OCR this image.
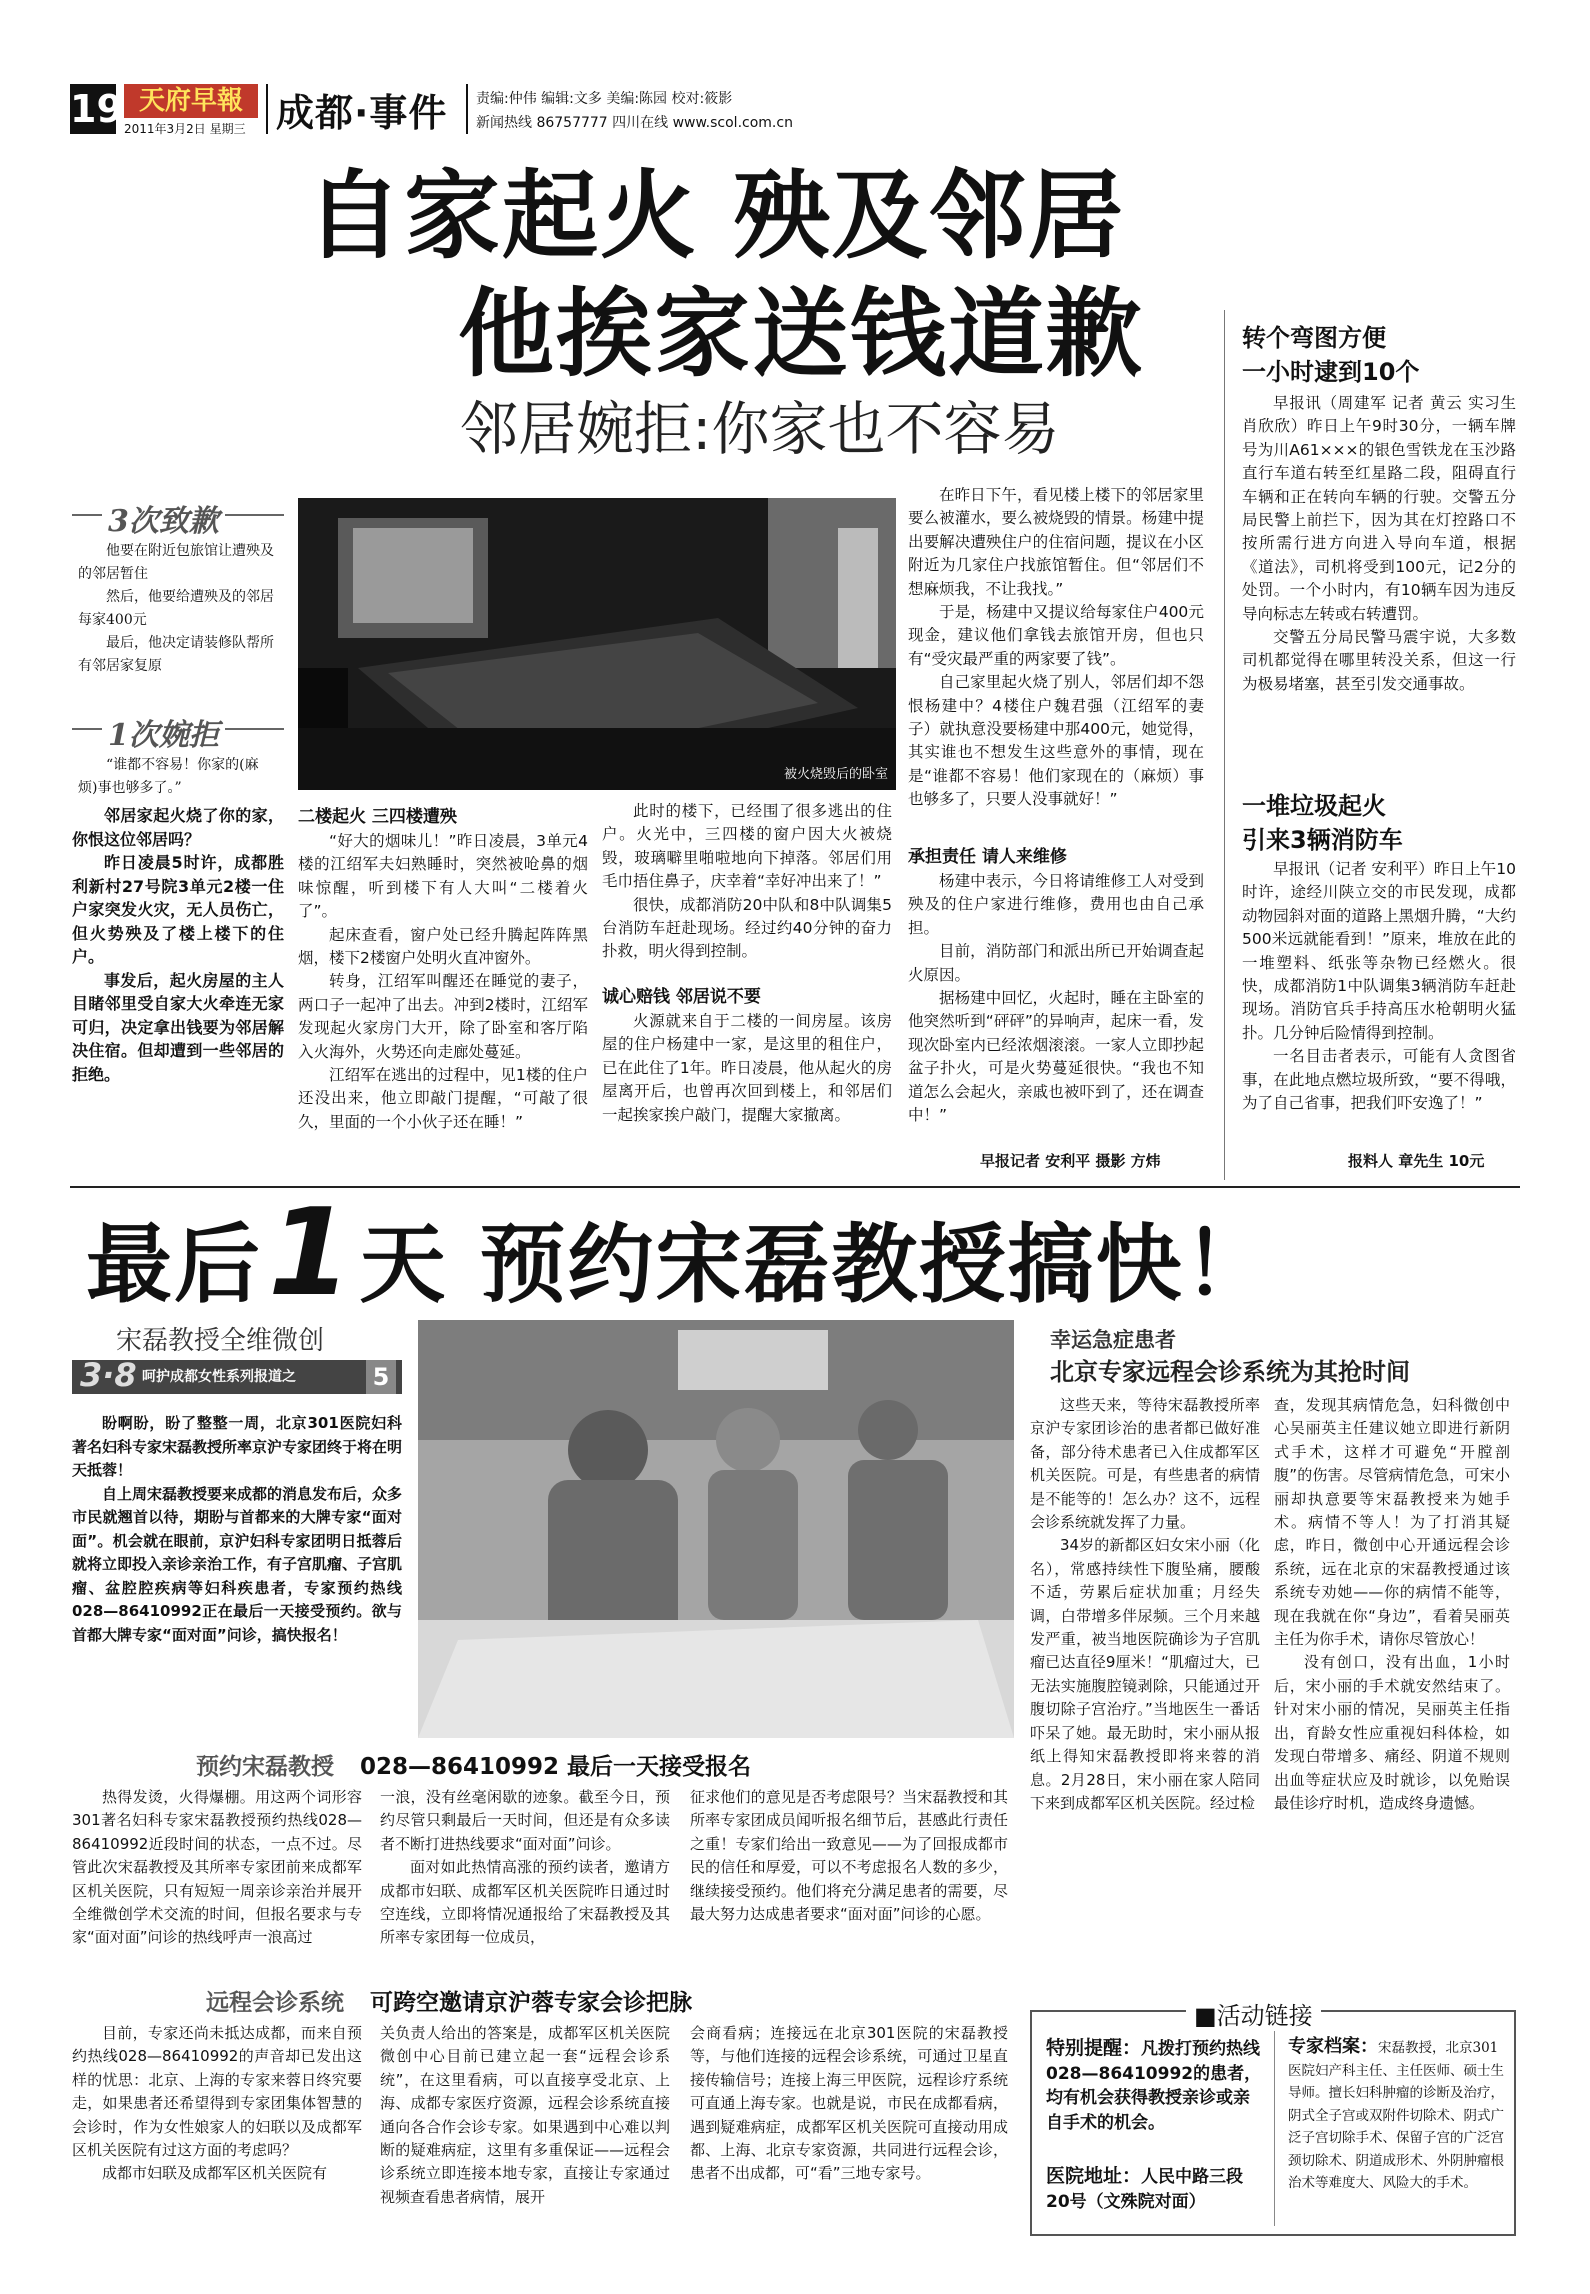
19 天府早報
2011年3月2日 星期三 成都·事件 责编:仲伟 编辑:文多 美编:陈园 校对:筱影
新闻热线 86757777 四川在线 www.scol.com.cn
自家起火 殃及邻居
他挨家送钱道歉
邻居婉拒:你家也不容易
3次致歉
他要在附近包旅馆让遭殃及的邻居暂住
然后，他要给遭殃及的邻居每家400元
最后，他决定请装修队帮所有邻居家复原
1次婉拒
“谁都不容易！你家的(麻烦)事也够多了。”
被火烧毁后的卧室

邻居家起火烧了你的家，你恨这位邻居吗？

昨日凌晨5时许，成都胜利新村27号院3单元2楼一住户家突发火灾，无人员伤亡，但火势殃及了楼上楼下的住户。

事发后，起火房屋的主人目睹邻里受自家大火牵连无家可归，决定拿出钱要为邻居解决住宿。但却遭到一些邻居的拒绝。

二楼起火 三四楼遭殃

“好大的烟味儿！”昨日凌晨，3单元4楼的江绍军夫妇熟睡时，突然被呛鼻的烟味惊醒，听到楼下有人大叫“二楼着火了”。

起床查看，窗户处已经升腾起阵阵黑烟，楼下2楼窗户处明火直冲窗外。

转身，江绍军叫醒还在睡觉的妻子，两口子一起冲了出去。冲到2楼时，江绍军发现起火家房门大开，除了卧室和客厅陷入火海外，火势还向走廊处蔓延。

江绍军在逃出的过程中，见1楼的住户还没出来，他立即敲门提醒，“可敲了很久，里面的一个小伙子还在睡！”

此时的楼下，已经围了很多逃出的住户。火光中，三四楼的窗户因大火被烧毁，玻璃噼里啪啦地向下掉落。邻居们用毛巾捂住鼻子，庆幸着“幸好冲出来了！”

很快，成都消防20中队和8中队调集5台消防车赶赴现场。经过约40分钟的奋力扑救，明火得到控制。

诚心赔钱 邻居说不要

火源就来自于二楼的一间房屋。该房屋的住户杨建中一家，是这里的租住户，已在此住了1年。昨日凌晨，他从起火的房屋离开后，也曾再次回到楼上，和邻居们一起挨家挨户敲门，提醒大家撤离。

在昨日下午，看见楼上楼下的邻居家里要么被灌水，要么被烧毁的情景。杨建中提出要解决遭殃住户的住宿问题，提议在小区附近为几家住户找旅馆暂住。但“邻居们不想麻烦我，不让我找。”

于是，杨建中又提议给每家住户400元现金，建议他们拿钱去旅馆开房，但也只有“受灾最严重的两家要了钱”。

自己家里起火烧了别人，邻居们却不怨恨杨建中？4楼住户魏君强（江绍军的妻子）就执意没要杨建中那400元，她觉得，其实谁也不想发生这些意外的事情，现在是“谁都不容易！他们家现在的（麻烦）事也够多了，只要人没事就好！”

承担责任 请人来维修

杨建中表示，今日将请维修工人对受到殃及的住户家进行维修，费用也由自己承担。

目前，消防部门和派出所已开始调查起火原因。

据杨建中回忆，火起时，睡在主卧室的他突然听到“砰砰”的异响声，起床一看，发现次卧室内已经浓烟滚滚。一家人立即抄起盆子扑火，可是火势蔓延很快。“我也不知道怎么会起火，亲戚也被吓到了，还在调查中！”

早报记者 安利平 摄影 方炜
转个弯图方便
一小时逮到10个

早报讯（周建军 记者 黄云 实习生 肖欣欣）昨日上午9时30分，一辆车牌号为川A61×××的银色雪铁龙在玉沙路直行车道右转至红星路二段，阻碍直行车辆和正在转向车辆的行驶。交警五分局民警上前拦下，因为其在灯控路口不按所需行进方向进入导向车道，根据《道法》，司机将受到100元，记2分的处罚。一个小时内，有10辆车因为违反导向标志左转或右转遭罚。

交警五分局民警马震宇说，大多数司机都觉得在哪里转没关系，但这一行为极易堵塞，甚至引发交通事故。

一堆垃圾起火
引来3辆消防车

早报讯（记者 安利平）昨日上午10时许，途经川陕立交的市民发现，成都动物园斜对面的道路上黑烟升腾，“大约500米远就能看到！”原来，堆放在此的一堆塑料、纸张等杂物已经燃火。很快，成都消防1中队调集3辆消防车赶赴现场。消防官兵手持高压水枪朝明火猛扑。几分钟后险情得到控制。

一名目击者表示，可能有人贪图省事，在此地点燃垃圾所致，“要不得哦，为了自己省事，把我们吓安逸了！”

报料人 章先生 10元
最后1天 预约宋磊教授搞快！
宋磊教授全维微创
3·8 呵护成都女性系列报道之	5

盼啊盼，盼了整整一周，北京301医院妇科著名妇科专家宋磊教授所率京沪专家团终于将在明天抵蓉！

自上周宋磊教授要来成都的消息发布后，众多市民就翘首以待，期盼与首都来的大牌专家“面对面”。机会就在眼前，京沪妇科专家团明日抵蓉后就将立即投入亲诊亲治工作，有子宫肌瘤、子宫肌瘤、盆腔腔疾病等妇科疾患者，专家预约热线028—86410992正在最后一天接受预约。欲与首都大牌专家“面对面”问诊，搞快报名！

幸运急症患者
北京专家远程会诊系统为其抢时间

这些天来，等待宋磊教授所率京沪专家团诊治的患者都已做好准备，部分待术患者已入住成都军区机关医院。可是，有些患者的病情是不能等的！怎么办？这不，远程会诊系统就发挥了力量。

34岁的新都区妇女宋小丽（化名），常感持续性下腹坠痛，腰酸不适，劳累后症状加重；月经失调，白带增多伴尿频。三个月来越发严重，被当地医院确诊为子宫肌瘤已达直径9厘米！“肌瘤过大，已无法实施腹腔镜剥除，只能通过开腹切除子宫治疗。”当地医生一番话吓呆了她。最无助时，宋小丽从报纸上得知宋磊教授即将来蓉的消息。2月28日，宋小丽在家人陪同下来到成都军区机关医院。经过检

查，发现其病情危急，妇科微创中心吴丽英主任建议她立即进行新阴式手术，这样才可避免“开膛剖腹”的伤害。尽管病情危急，可宋小丽却执意要等宋磊教授来为她手术。病情不等人！为了打消其疑虑，昨日，微创中心开通远程会诊系统，远在北京的宋磊教授通过该系统专劝她——你的病情不能等，现在我就在你“身边”，看着吴丽英主任为你手术，请你尽管放心！

没有创口，没有出血，1小时后，宋小丽的手术就安然结束了。针对宋小丽的情况，吴丽英主任指出，育龄女性应重视妇科体检，如发现白带增多、痛经、阴道不规则出血等症状应及时就诊，以免贻误最佳诊疗时机，造成终身遗憾。

预约宋磊教授 028—86410992 最后一天接受报名

热得发烫，火得爆棚。用这两个词形容301著名妇科专家宋磊教授预约热线028—86410992近段时间的状态，一点不过。尽管此次宋磊教授及其所率专家团前来成都军区机关医院，只有短短一周亲诊亲治并展开全维微创学术交流的时间，但报名要求与专家“面对面”问诊的热线呼声一浪高过

一浪，没有丝毫闲歇的迹象。截至今日，预约尽管只剩最后一天时间，但还是有众多读者不断打进热线要求“面对面”问诊。

面对如此热情高涨的预约读者，邀请方成都市妇联、成都军区机关医院昨日通过时空连线，立即将情况通报给了宋磊教授及其所率专家团每一位成员，

征求他们的意见是否考虑限号？当宋磊教授和其所率专家团成员闻听报名细节后，甚感此行责任之重！专家们给出一致意见——为了回报成都市民的信任和厚爱，可以不考虑报名人数的多少，继续接受预约。他们将充分满足患者的需要，尽最大努力达成患者要求“面对面”问诊的心愿。

远程会诊系统 可跨空邀请京沪蓉专家会诊把脉

目前，专家还尚未抵达成都，而来自预约热线028—86410992的声音却已发出这样的忧思：北京、上海的专家来蓉日终究要走，如果患者还希望得到专家团集体智慧的会诊时，作为女性娘家人的妇联以及成都军区机关医院有过这方面的考虑吗？

成都市妇联及成都军区机关医院有

关负责人给出的答案是，成都军区机关医院微创中心目前已建立起一套“远程会诊系统”，在这里看病，可以直接享受北京、上海、成都专家医疗资源，远程会诊系统直接通向各合作会诊专家。如果遇到中心难以判断的疑难病症，这里有多重保证——远程会诊系统立即连接本地专家，直接让专家通过视频查看患者病情，展开

会商看病；连接远在北京301医院的宋磊教授等，与他们连接的远程会诊系统，可通过卫星直接传输信号；连接上海三甲医院，远程诊疗系统可直通上海专家。也就是说，市民在成都看病，遇到疑难病症，成都军区机关医院可直接动用成都、上海、北京专家资源，共同进行远程会诊，患者不出成都，可“看”三地专家号。

■活动链接
特别提醒：凡拨打预约热线028—86410992的患者，均有机会获得教授亲诊或亲自手术的机会。
医院地址：人民中路三段20号（文殊院对面）
专家档案：宋磊教授，北京301医院妇产科主任、主任医师、硕士生导师。擅长妇科肿瘤的诊断及治疗，阴式全子宫或双附件切除术、阴式广泛子宫切除手术、保留子宫的广泛宫颈切除术、阴道成形术、外阴肿瘤根治术等难度大、风险大的手术。
